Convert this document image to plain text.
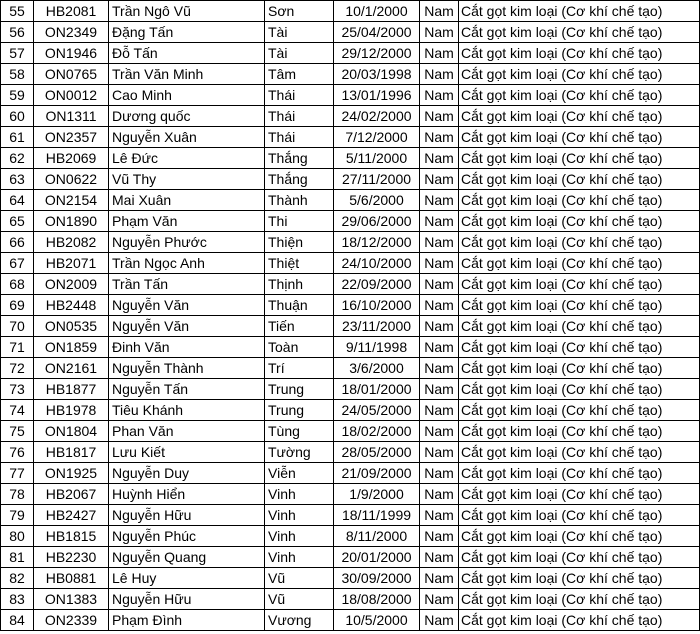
55	HB2081	Trần Ngô Vũ	Sơn	10/1/2000	Nam	Cắt gọt kim loại (Cơ khí chế tạo)
56	ON2349	Đặng Tấn	Tài	25/04/2000	Nam	Cắt gọt kim loại (Cơ khí chế tạo)
57	ON1946	Đỗ Tấn	Tài	29/12/2000	Nam	Cắt gọt kim loại (Cơ khí chế tạo)
58	ON0765	Trần Văn Minh	Tâm	20/03/1998	Nam	Cắt gọt kim loại (Cơ khí chế tạo)
59	ON0012	Cao Minh	Thái	13/01/1996	Nam	Cắt gọt kim loại (Cơ khí chế tạo)
60	ON1311	Dương quốc	Thái	24/02/2000	Nam	Cắt gọt kim loại (Cơ khí chế tạo)
61	ON2357	Nguyễn Xuân	Thái	7/12/2000	Nam	Cắt gọt kim loại (Cơ khí chế tạo)
62	HB2069	Lê Đức	Thắng	5/11/2000	Nam	Cắt gọt kim loại (Cơ khí chế tạo)
63	ON0622	Vũ Thy	Thắng	27/11/2000	Nam	Cắt gọt kim loại (Cơ khí chế tạo)
64	ON2154	Mai Xuân	Thành	5/6/2000	Nam	Cắt gọt kim loại (Cơ khí chế tạo)
65	ON1890	Phạm Văn	Thi	29/06/2000	Nam	Cắt gọt kim loại (Cơ khí chế tạo)
66	HB2082	Nguyễn Phước	Thiện	18/12/2000	Nam	Cắt gọt kim loại (Cơ khí chế tạo)
67	HB2071	Trần Ngọc Anh	Thiệt	24/10/2000	Nam	Cắt gọt kim loại (Cơ khí chế tạo)
68	ON2009	Trần Tấn	Thịnh	22/09/2000	Nam	Cắt gọt kim loại (Cơ khí chế tạo)
69	HB2448	Nguyễn Văn	Thuận	16/10/2000	Nam	Cắt gọt kim loại (Cơ khí chế tạo)
70	ON0535	Nguyễn Văn	Tiến	23/11/2000	Nam	Cắt gọt kim loại (Cơ khí chế tạo)
71	ON1859	Đinh Văn	Toàn	9/11/1998	Nam	Cắt gọt kim loại (Cơ khí chế tạo)
72	ON2161	Nguyễn Thành	Trí	3/6/2000	Nam	Cắt gọt kim loại (Cơ khí chế tạo)
73	HB1877	Nguyễn Tấn	Trung	18/01/2000	Nam	Cắt gọt kim loại (Cơ khí chế tạo)
74	HB1978	Tiêu Khánh	Trung	24/05/2000	Nam	Cắt gọt kim loại (Cơ khí chế tạo)
75	ON1804	Phan Văn	Tùng	18/02/2000	Nam	Cắt gọt kim loại (Cơ khí chế tạo)
76	HB1817	Lưu Kiết	Tường	28/05/2000	Nam	Cắt gọt kim loại (Cơ khí chế tạo)
77	ON1925	Nguyễn Duy	Viễn	21/09/2000	Nam	Cắt gọt kim loại (Cơ khí chế tạo)
78	HB2067	Huỳnh Hiển	Vinh	1/9/2000	Nam	Cắt gọt kim loại (Cơ khí chế tạo)
79	HB2427	Nguyễn Hữu	Vinh	18/11/1999	Nam	Cắt gọt kim loại (Cơ khí chế tạo)
80	HB1815	Nguyễn Phúc	Vinh	8/11/2000	Nam	Cắt gọt kim loại (Cơ khí chế tạo)
81	HB2230	Nguyễn Quang	Vinh	20/01/2000	Nam	Cắt gọt kim loại (Cơ khí chế tạo)
82	HB0881	Lê Huy	Vũ	30/09/2000	Nam	Cắt gọt kim loại (Cơ khí chế tạo)
83	ON1383	Nguyễn Hữu	Vũ	18/08/2000	Nam	Cắt gọt kim loại (Cơ khí chế tạo)
84	ON2339	Phạm Đình	Vương	10/5/2000	Nam	Cắt gọt kim loại (Cơ khí chế tạo)
